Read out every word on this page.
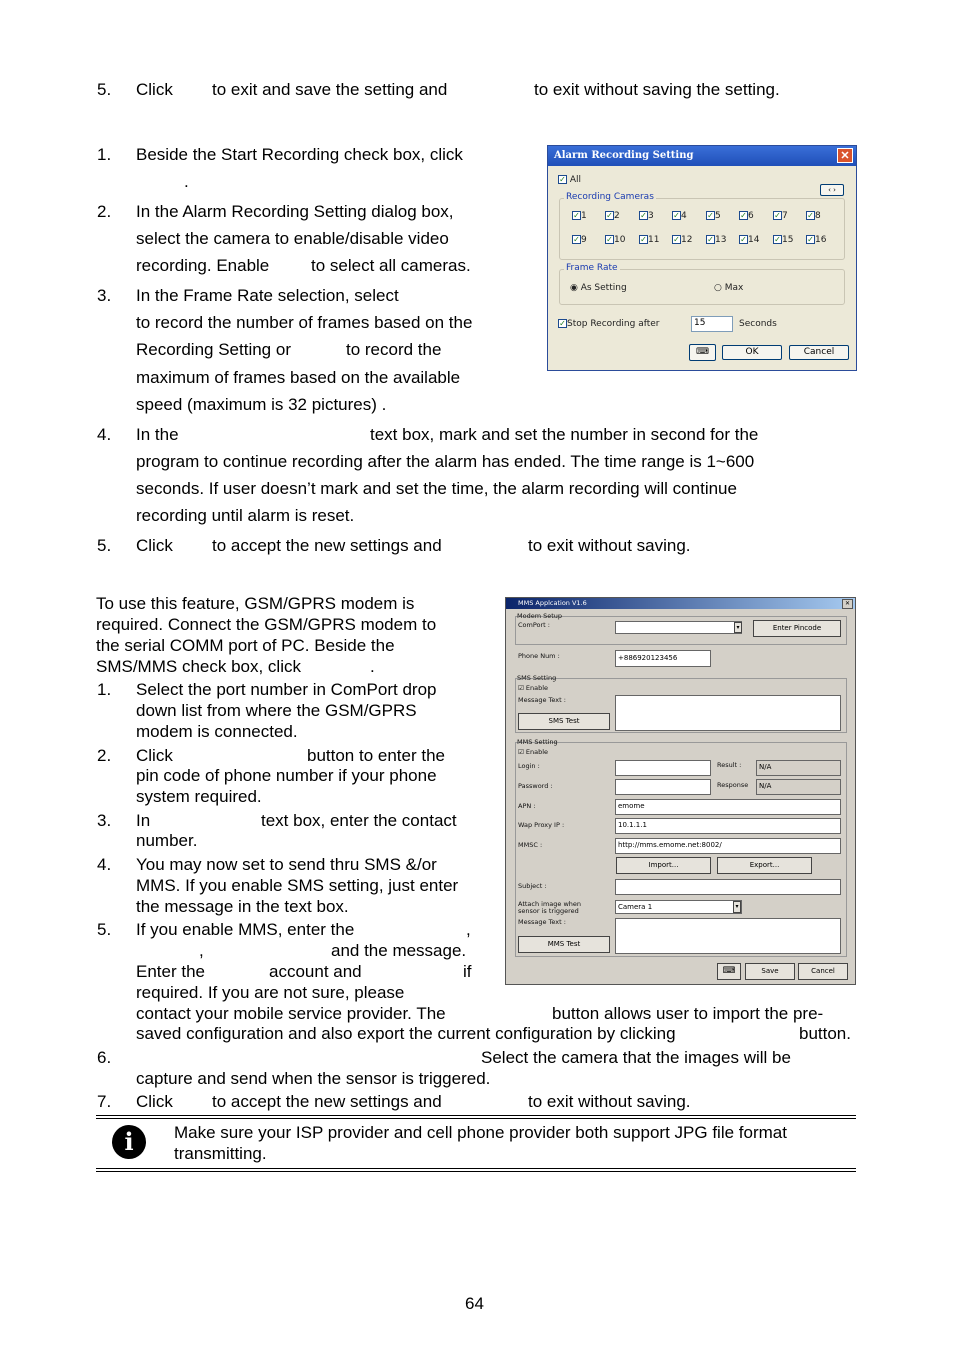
5. Click to exit and save the setting and	to exit without saving the setting.
1. Beside the Start Recording check box, click
.
2. In the Alarm Recording Setting dialog box,
select the camera to enable/disable video
recording. Enable to select all cameras.
3. In the Frame Rate selection, select
to record the number of frames based on the
Recording Setting or	to record the
maximum of frames based on the available
speed (maximum is 32 pictures) .
4. In the	text box, mark and set the number in second for the
program to continue recording after the alarm has ended. The time range is 1~600
seconds. If user doesn’t mark and set the time, the alarm recording will continue
recording until alarm is reset.
5. Click to accept the new settings and	to exit without saving.
Alarm Recording Setting	✕
✓ All
‹ ›
Recording Cameras
✓1 ✓2	✓3 ✓4	✓5 ✓6	✓7 ✓8
✓9 ✓10 ✓11 ✓12 ✓13 ✓14 ✓15 ✓16
Frame Rate
◉ As Setting	○ Max
✓Stop Recording after	15	Seconds
⌨	OK	Cancel
To use this feature, GSM/GPRS modem is
required. Connect the GSM/GPRS modem to
the serial COMM port of PC. Beside the
SMS/MMS check box, click	.
1. Select the port number in ComPort drop
down list from where the GSM/GPRS
modem is connected.
2. Click	button to enter the
pin code of phone number if your phone
system required.
3. In	text box, enter the contact
number.
4. You may now set to send thru SMS &/or
MMS. If you enable SMS setting, just enter
the message in the text box.
5. If you enable MMS, enter the	,
,	and the message.
Enter the	account and	if
required. If you are not sure, please
contact your mobile service provider. The	button allows user to import the pre-
saved configuration and also export the current configuration by clicking	button.
6.	Select the camera that the images will be
capture and send when the sensor is triggered.
7. Click to accept the new settings and	to exit without saving.
MMS Applcation V1.6	✕
Modem Setup
ComPort :	▾	Enter Pincode
Phone Num :	+886920123456
SMS Setting
☑ Enable
Message Text :
SMS Test
MMS Setting
☑ Enable
Login :	Result :	N/A
Password :	Response	N/A
APN :	emome
Wap Proxy IP :	10.1.1.1
MMSC :	http://mms.emome.net:8002/
Import...	Export...
Subject :
Attach image when
sensor is triggered	Camera 1	▾
Message Text :
MMS Test
⌨	Save	Cancel
i	Make sure your ISP provider and cell phone provider both support JPG file format
transmitting.
64
